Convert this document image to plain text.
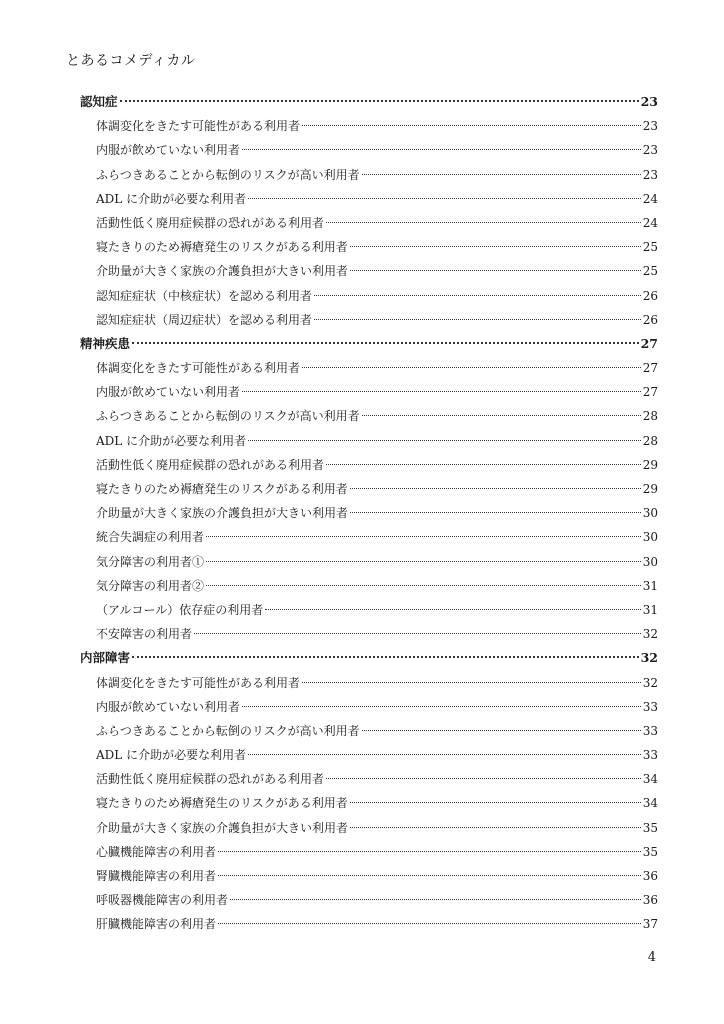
とあるコメディカル
認知症	23
体調変化をきたす可能性がある利用者	23
内服が飲めていない利用者	23
ふらつきあることから転倒のリスクが高い利用者	23
ADL に介助が必要な利用者	24
活動性低く廃用症候群の恐れがある利用者	24
寝たきりのため褥瘡発生のリスクがある利用者	25
介助量が大きく家族の介護負担が大きい利用者	25
認知症症状（中核症状）を認める利用者	26
認知症症状（周辺症状）を認める利用者	26
精神疾患	27
体調変化をきたす可能性がある利用者	27
内服が飲めていない利用者	27
ふらつきあることから転倒のリスクが高い利用者	28
ADL に介助が必要な利用者	28
活動性低く廃用症候群の恐れがある利用者	29
寝たきりのため褥瘡発生のリスクがある利用者	29
介助量が大きく家族の介護負担が大きい利用者	30
統合失調症の利用者	30
気分障害の利用者①	30
気分障害の利用者②	31
（アルコール）依存症の利用者	31
不安障害の利用者	32
内部障害	32
体調変化をきたす可能性がある利用者	32
内服が飲めていない利用者	33
ふらつきあることから転倒のリスクが高い利用者	33
ADL に介助が必要な利用者	33
活動性低く廃用症候群の恐れがある利用者	34
寝たきりのため褥瘡発生のリスクがある利用者	34
介助量が大きく家族の介護負担が大きい利用者	35
心臓機能障害の利用者	35
腎臓機能障害の利用者	36
呼吸器機能障害の利用者	36
肝臓機能障害の利用者	37
4
